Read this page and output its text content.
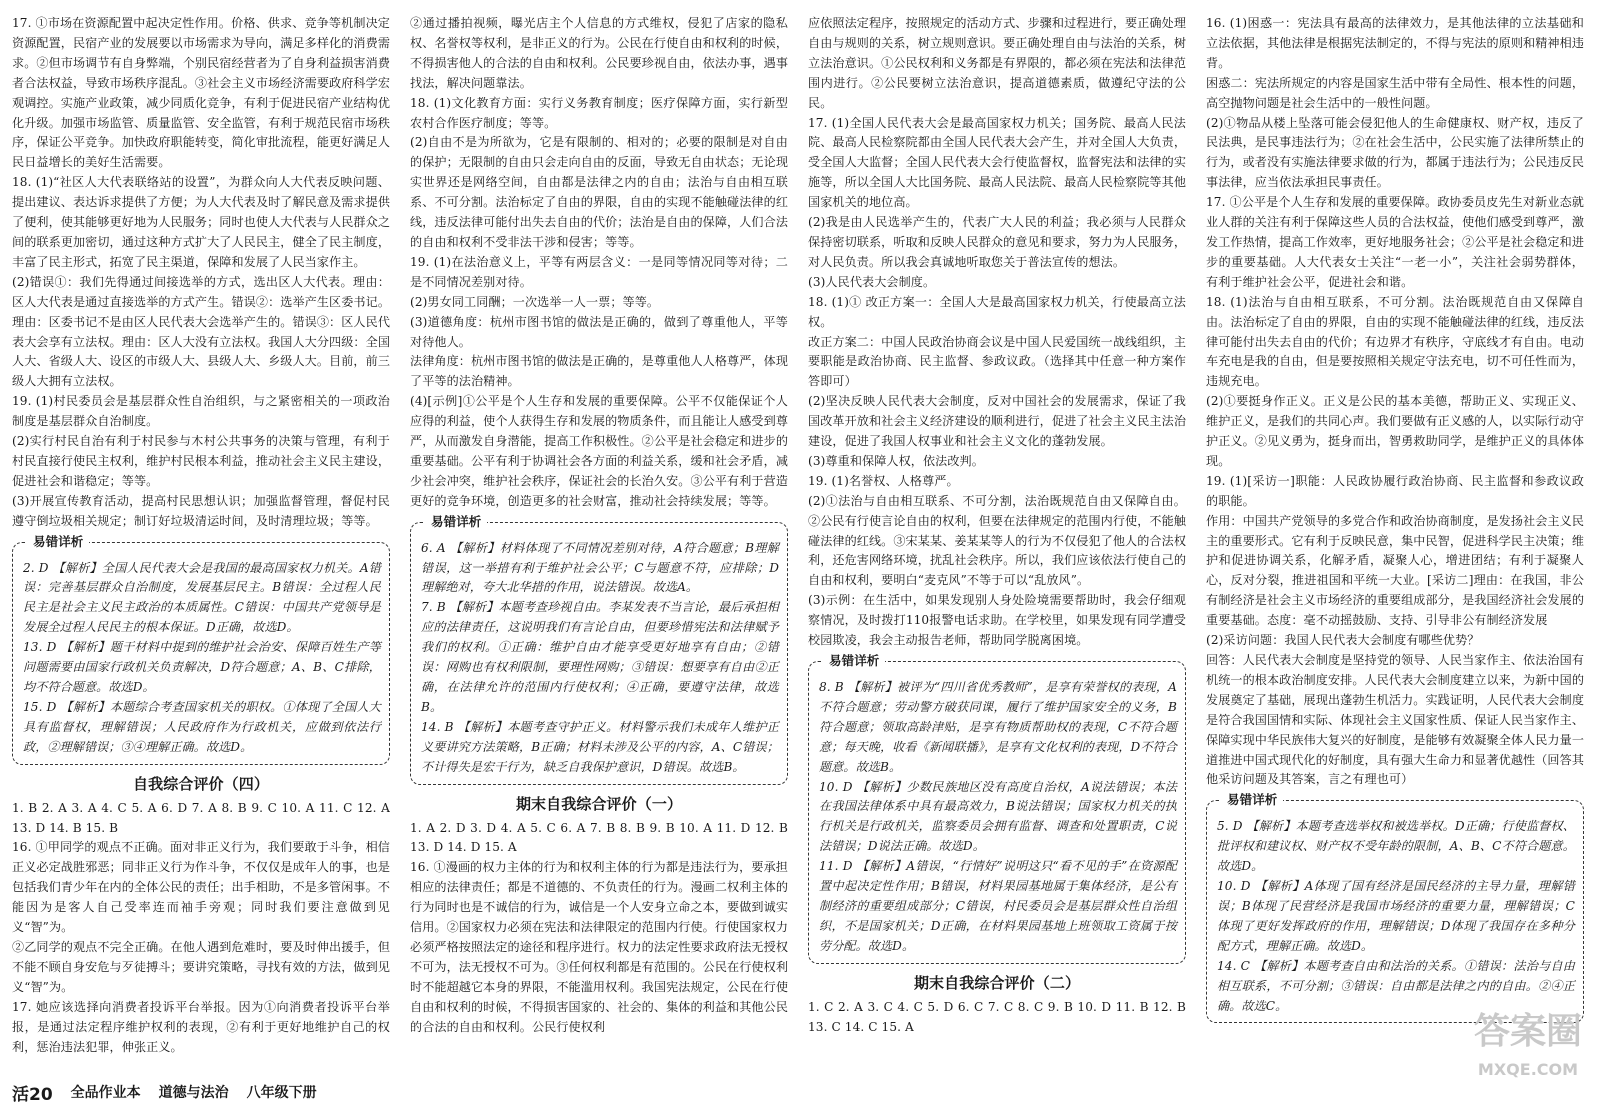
17. ①市场在资源配置中起决定性作用。价格、供求、竞争等机制决定资源配置，民宿产业的发展要以市场需求为导向，满足多样化的消费需求。②但市场调节有自身弊端，个别民宿经营者为了自身利益损害消费者合法权益，导致市场秩序混乱。③社会主义市场经济需要政府科学宏观调控。实施产业政策，减少同质化竞争，有利于促进民宿产业结构优化升级。加强市场监管、质量监管、安全监管，有利于规范民宿市场秩序，保证公平竞争。加快政府职能转变，简化审批流程，能更好满足人民日益增长的美好生活需要。

18. (1)“社区人大代表联络站的设置”，为群众向人大代表反映问题、提出建议、表达诉求提供了方便；为人大代表及时了解民意及需求提供了便利，使其能够更好地为人民服务；同时也使人大代表与人民群众之间的联系更加密切，通过这种方式扩大了人民民主，健全了民主制度，丰富了民主形式，拓宽了民主渠道，保障和发展了人民当家作主。

(2)错误①：我们先得通过间接选举的方式，选出区人大代表。理由：区人大代表是通过直接选举的方式产生。错误②：选举产生区委书记。理由：区委书记不是由区人民代表大会选举产生的。错误③：区人民代表大会享有立法权。理由：区人大没有立法权。我国人大分四级：全国人大、省级人大、设区的市级人大、县级人大、乡级人大。目前，前三级人大拥有立法权。

19. (1)村民委员会是基层群众性自治组织，与之紧密相关的一项政治制度是基层群众自治制度。

(2)实行村民自治有利于村民参与木村公共事务的决策与管理，有利于村民直接行使民主权利，维护村民根本利益，推动社会主义民主建设，促进社会和谐稳定；等等。

(3)开展宣传教育活动，提高村民思想认识；加强监督管理，督促村民遵守倒垃圾相关规定；制订好垃圾清运时间，及时清理垃圾；等等。

易错详析

2. D 【解析】全国人民代表大会是我国的最高国家权力机关。A错误：完善基层群众自治制度，发展基层民主。B错误：全过程人民民主是社会主义民主政治的本质属性。C错误：中国共产党领导是发展全过程人民民主的根本保证。D正确，故选D。

13. D 【解析】题干材料中提到的维护社会治安、保障百姓生产等问题需要由国家行政机关负责解决，D符合题意；A、B、C排除，均不符合题意。故选D。

15. D 【解析】本题综合考查国家机关的职权。①体现了全国人大具有监督权，理解错误；人民政府作为行政机关，应做到依法行政，②理解错误；③④理解正确。故选D。

自我综合评价（四）

1. B 2. A 3. A 4. C 5. A 6. D 7. A 8. B 9. C 10. A 11. C 12. A 13. D 14. B 15. B

16. ①甲同学的观点不正确。面对非正义行为，我们要敢于斗争，相信正义必定战胜邪恶；同非正义行为作斗争，不仅仅是成年人的事，也是包括我们青少年在内的全体公民的责任；出手相助，不是多管闲事。不能因为是客人自己受率连而袖手旁观；同时我们要注意做到见义“智”为。

②乙同学的观点不完全正确。在他人遇到危难时，要及时伸出援手，但不能不顾自身安危与歹徒搏斗；要讲究策略，寻找有效的方法，做到见义“智”为。

17. 她应该选择向消费者投诉平台举报。因为①向消费者投诉平台举报，是通过法定程序维护权利的表现，②有利于更好地维护自己的权利，惩治违法犯罪，伸张正义。

②通过播拍视频，曝光店主个人信息的方式维权，侵犯了店家的隐私权、名誉权等权利，是非正义的行为。公民在行使自由和权利的时候，不得损害他人的合法的自由和权利。公民要珍视自由，依法办事，遇事找法，解决问题靠法。

18. (1)文化教育方面：实行义务教育制度；医疗保障方面，实行新型农村合作医疗制度；等等。

(2)自由不是为所欲为，它是有限制的、相对的；必要的限制是对自由的保护；无限制的自由只会走向自由的反面，导致无自由状态；无论现实世界还是网络空间，自由都是法律之内的自由；法治与自由相互联系、不可分割。法治标定了自由的界限，自由的实现不能触碰法律的红线，违反法律可能付出失去自由的代价；法治是自由的保障，人们合法的自由和权利不受非法干涉和侵害；等等。

19. (1)在法治意义上，平等有两层含义：一是同等情况同等对待；二是不同情况差别对待。

(2)男女同工同酬；一次选举一人一票；等等。

(3)道德角度：杭州市图书馆的做法是正确的，做到了尊重他人，平等对待他人。

法律角度：杭州市图书馆的做法是正确的，是尊重他人人格尊严，体现了平等的法治精神。

(4)[示例]①公平是个人生存和发展的重要保障。公平不仅能保证个人应得的利益，使个人获得生存和发展的物质条件，而且能让人感受到尊严，从而激发自身潜能，提高工作积极性。②公平是社会稳定和进步的重要基础。公平有利于协调社会各方面的利益关系，缓和社会矛盾，减少社会冲突，维护社会秩序，保证社会的长治久安。③公平有利于营造更好的竞争环境，创造更多的社会财富，推动社会持续发展；等等。

易错详析

6. A 【解析】材料体现了不同情况差别对待，A符合题意；B理解错误，这一举措有利于维护社会公平；C与题意不符，应排除；D理解绝对，夸大北华措的作用，说法错误。故选A。

7. B 【解析】本题考查珍视自由。李某发表不当言论，最后承担相应的法律责任，这说明我们有言论自由，但要珍惜宪法和法律赋予我们的权利。①正确：维护自由才能享受更好地享有自由；②错误：网购也有权利限制，要理性网购；③错误：想要享有自由②正确，在法律允许的范围内行使权利；④正确，要遵守法律，故选B。

14. B 【解析】本题考查守护正义。材料警示我们未成年人维护正义要讲究方法策略，B正确；材料未涉及公平的内容，A、C错误；不计得失是宏干行为，缺乏自我保护意识，D错误。故选B。

期末自我综合评价（一）

1. A 2. D 3. D 4. A 5. C 6. A 7. B 8. B 9. B 10. A 11. D 12. B 13. D 14. D 15. A

16. ①漫画的权力主体的行为和权利主体的行为都是违法行为，要承担相应的法律责任；都是不道德的、不负责任的行为。漫画二权利主体的行为同时也是不诚信的行为，诚信是一个人安身立命之本，要做到诚实信用。②国家权力必须在宪法和法律限定的范围内行使。行使国家权力必须严格按照法定的途径和程序进行。权力的法定性要求政府法无授权不可为，法无授权不可为。③任何权利都是有范围的。公民在行使权利时不能超越它本身的界限，不能滥用权利。我国宪法规定，公民在行使自由和权利的时候，不得损害国家的、社会的、集体的利益和其他公民的合法的自由和权利。公民行使权利

应依照法定程序，按照规定的活动方式、步骤和过程进行，要正确处理自由与规则的关系，树立规则意识。要正确处理自由与法治的关系，树立法治意识。①公民权利和义务都是有界限的，都必须在宪法和法律范围内进行。②公民要树立法治意识，提高道德素质，做遵纪守法的公民。

17. (1)全国人民代表大会是最高国家权力机关；国务院、最高人民法院、最高人民检察院都由全国人民代表大会产生，并对全国人大负责，受全国人大监督；全国人民代表大会行使监督权，监督宪法和法律的实施等，所以全国人大比国务院、最高人民法院、最高人民检察院等其他国家机关的地位高。

(2)我是由人民选举产生的，代表广大人民的利益；我必须与人民群众保持密切联系，听取和反映人民群众的意见和要求，努力为人民服务，对人民负责。所以我会真诚地听取您关于普法宣传的想法。

(3)人民代表大会制度。

18. (1)① 改正方案一：全国人大是最高国家权力机关，行使最高立法权。

改正方案二：中国人民政治协商会议是中国人民爱国统一战线组织，主要职能是政治协商、民主监督、参政议政。（选择其中任意一种方案作答即可）

(2)坚决反映人民代表大会制度，反对中国社会的发展需求，保证了我国改革开放和社会主义经济建设的顺利进行，促进了社会主义民主法治建设，促进了我国人权事业和社会主义文化的蓬勃发展。

(3)尊重和保障人权，依法改判。

19. (1)名誉权、人格尊严。

(2)①法治与自由相互联系、不可分割，法治既规范自由又保障自由。②公民有行使言论自由的权利，但要在法律规定的范围内行使，不能触碰法律的红线。③宋某某、姜某某等人的行为不仅侵犯了他人的合法权利，还危害网络环境，扰乱社会秩序。所以，我们应该依法行使自己的自由和权利，要明白“麦克风”不等于可以“乱放风”。

(3)示例：在生活中，如果发现别人身处险境需要帮助时，我会仔细观察情况，及时拨打110报警电话求助。在学校里，如果发现有同学遭受校园欺凌，我会主动报告老师，帮助同学脱离困境。

易错详析

8. B 【解析】被评为“四川省优秀教师”，是享有荣誉权的表现，A不符合题意；劳动警方破获同课，履行了维护国家安全的义务，B符合题意；领取高龄津贴，是享有物质帮助权的表现，C不符合题意；每天晚，收看《新闻联播》，是享有文化权利的表现，D不符合题意。故选B。

10. D 【解析】少数民族地区没有高度自治权，A说法错误；本法在我国法律体系中具有最高效力，B说法错误；国家权力机关的执行机关是行政机关，监察委员会拥有监督、调查和处置职责，C说法错误；D说法正确。故选D。

11. D 【解析】A错误，“行情好”说明这只“看不见的手”在资源配置中起决定性作用；B错误，材料果园基地属于集体经济，是公有制经济的重要组成部分；C错误，村民委员会是基层群众性自治组织，不是国家机关；D正确，在材料果园基地上班领取工资属于按劳分配。故选D。

期末自我综合评价（二）

1. C 2. A 3. C 4. C 5. D 6. C 7. C 8. C 9. B 10. D 11. B 12. B 13. C 14. C 15. A

16. (1)困惑一：宪法具有最高的法律效力，是其他法律的立法基础和立法依据，其他法律是根据宪法制定的，不得与宪法的原则和精神相违背。

困惑二：宪法所规定的内容是国家生活中带有全局性、根本性的问题，高空抛物问题是社会生活中的一般性问题。

(2)①物品从楼上坠落可能会侵犯他人的生命健康权、财产权，违反了民法典，是民事违法行为；②在社会生活中，公民实施了法律所禁止的行为，或者没有实施法律要求做的行为，都属于违法行为；公民违反民事法律，应当依法承担民事责任。

17. ①公平是个人生存和发展的重要保障。政协委员皮先生对新业态就业人群的关注有利于保障这些人员的合法权益，使他们感受到尊严，激发工作热情，提高工作效率，更好地服务社会；②公平是社会稳定和进步的重要基础。人大代表女士关注“一老一小”，关注社会弱势群体，有利于维护社会公平，促进社会和谐。

18. (1)法治与自由相互联系，不可分割。法治既规范自由又保障自由。法治标定了自由的界限，自由的实现不能触碰法律的红线，违反法律可能付出失去自由的代价；有边界才有秩序，守底线才有自由。电动车充电是我的自由，但是要按照相关规定守法充电，切不可任性而为，违规充电。

(2)①要挺身作正义。正义是公民的基本美德，帮助正义、实现正义、维护正义，是我们的共同心声。我们要做有正义感的人，以实际行动守护正义。②见义勇为，挺身而出，智勇救助同学，是维护正义的具体体现。

19. (1)[采访一]职能：人民政协履行政治协商、民主监督和参政议政的职能。

作用：中国共产党领导的多党合作和政治协商制度，是发扬社会主义民主的重要形式。它有利于反映民意，集中民智，促进科学民主决策；维护和促进协调关系，化解矛盾，凝聚人心，增进团结；有利于凝聚人心，反对分裂，推进祖国和平统一大业。[采访二]理由：在我国，非公有制经济是社会主义市场经济的重要组成部分，是我国经济社会发展的重要基础。态度：毫不动摇鼓励、支持、引导非公有制经济发展

(2)采访问题：我国人民代表大会制度有哪些优势？

回答：人民代表大会制度是坚持党的领导、人民当家作主、依法治国有机统一的根本政治制度安排。人民代表大会制度建立以来，为新中国的发展奠定了基础，展现出蓬勃生机活力。实践证明，人民代表大会制度是符合我国国情和实际、体现社会主义国家性质、保证人民当家作主、保障实现中华民族伟大复兴的好制度，是能够有效凝聚全体人民力量一道推进中国式现代化的好制度，具有强大生命力和显著优越性（回答其他采访问题及其答案，言之有理也可）

易错详析

5. D 【解析】本题考查选举权和被选举权。D正确；行使监督权、批评权和建议权、财产权不受年龄的限制，A、B、C不符合题意。故选D。

10. D 【解析】A体现了国有经济是国民经济的主导力量，理解错误；B体现了民营经济是我国市场经济的重要力量，理解错误；C体现了更好发挥政府的作用，理解错误；D体现了我国存在多种分配方式，理解正确。故选D。

14. C 【解析】本题考查自由和法治的关系。①错误：法治与自由相互联系，不可分割；③错误：自由都是法律之内的自由。②④正确。故选C。

活20 全品作业本 道德与法治 八年级下册
答案圈
MXQE.COM
